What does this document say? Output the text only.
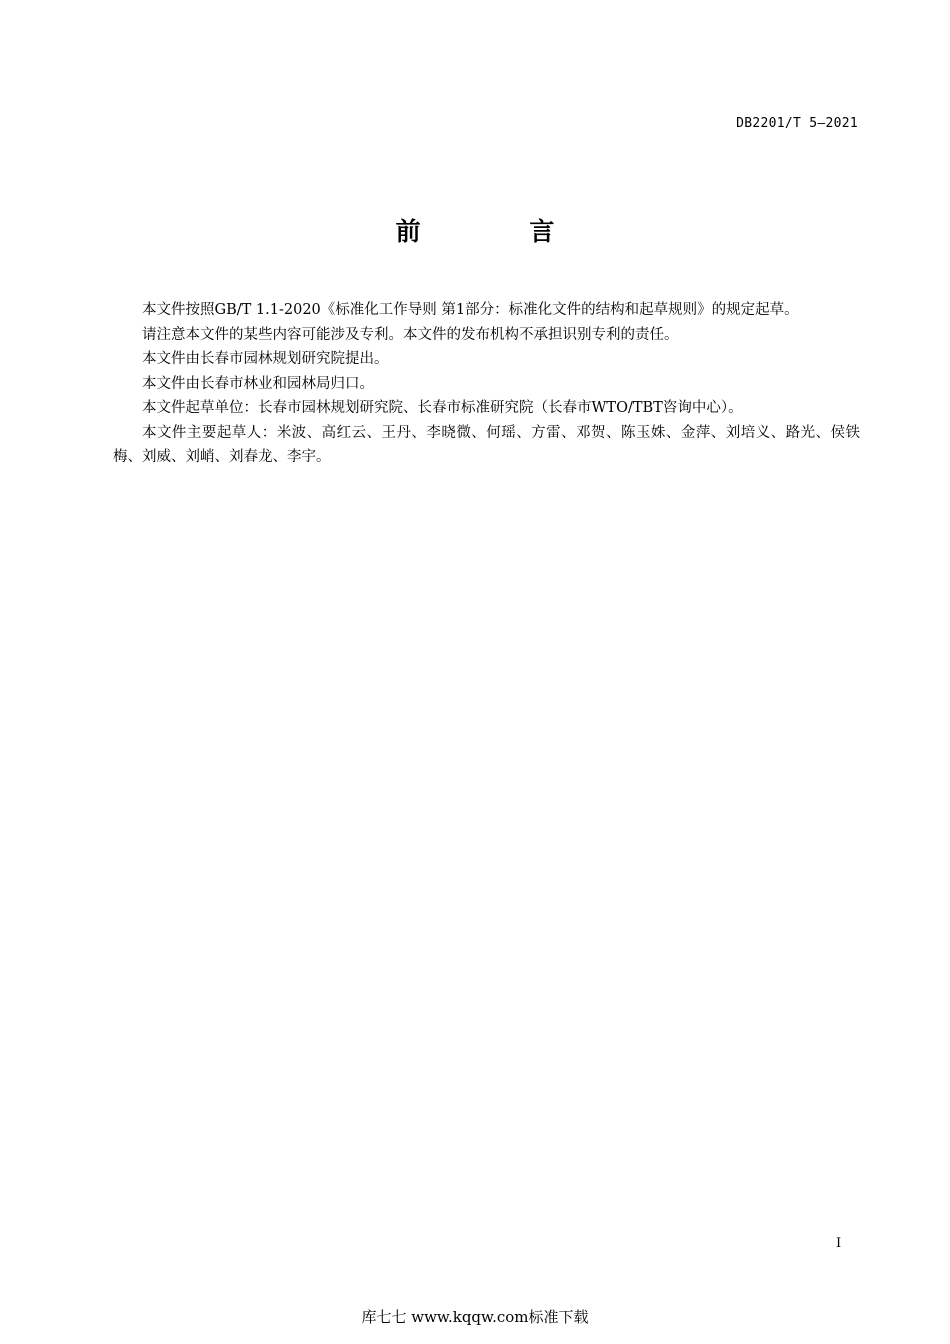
DB2201/T 5—2021
前 言

本文件按照GB/T 1.1-2020《标准化工作导则 第1部分：标准化文件的结构和起草规则》的规定起草。

请注意本文件的某些内容可能涉及专利。本文件的发布机构不承担识别专利的责任。

本文件由长春市园林规划研究院提出。

本文件由长春市林业和园林局归口。

本文件起草单位：长春市园林规划研究院、长春市标准研究院（长春市WTO/TBT咨询中心）。

本文件主要起草人：米波、高红云、王丹、李晓微、何瑶、方雷、邓贺、陈玉姝、金萍、刘培义、路光、侯铁梅、刘威、刘峭、刘春龙、李宇。

I
库七七 www.kqqw.com标准下载
